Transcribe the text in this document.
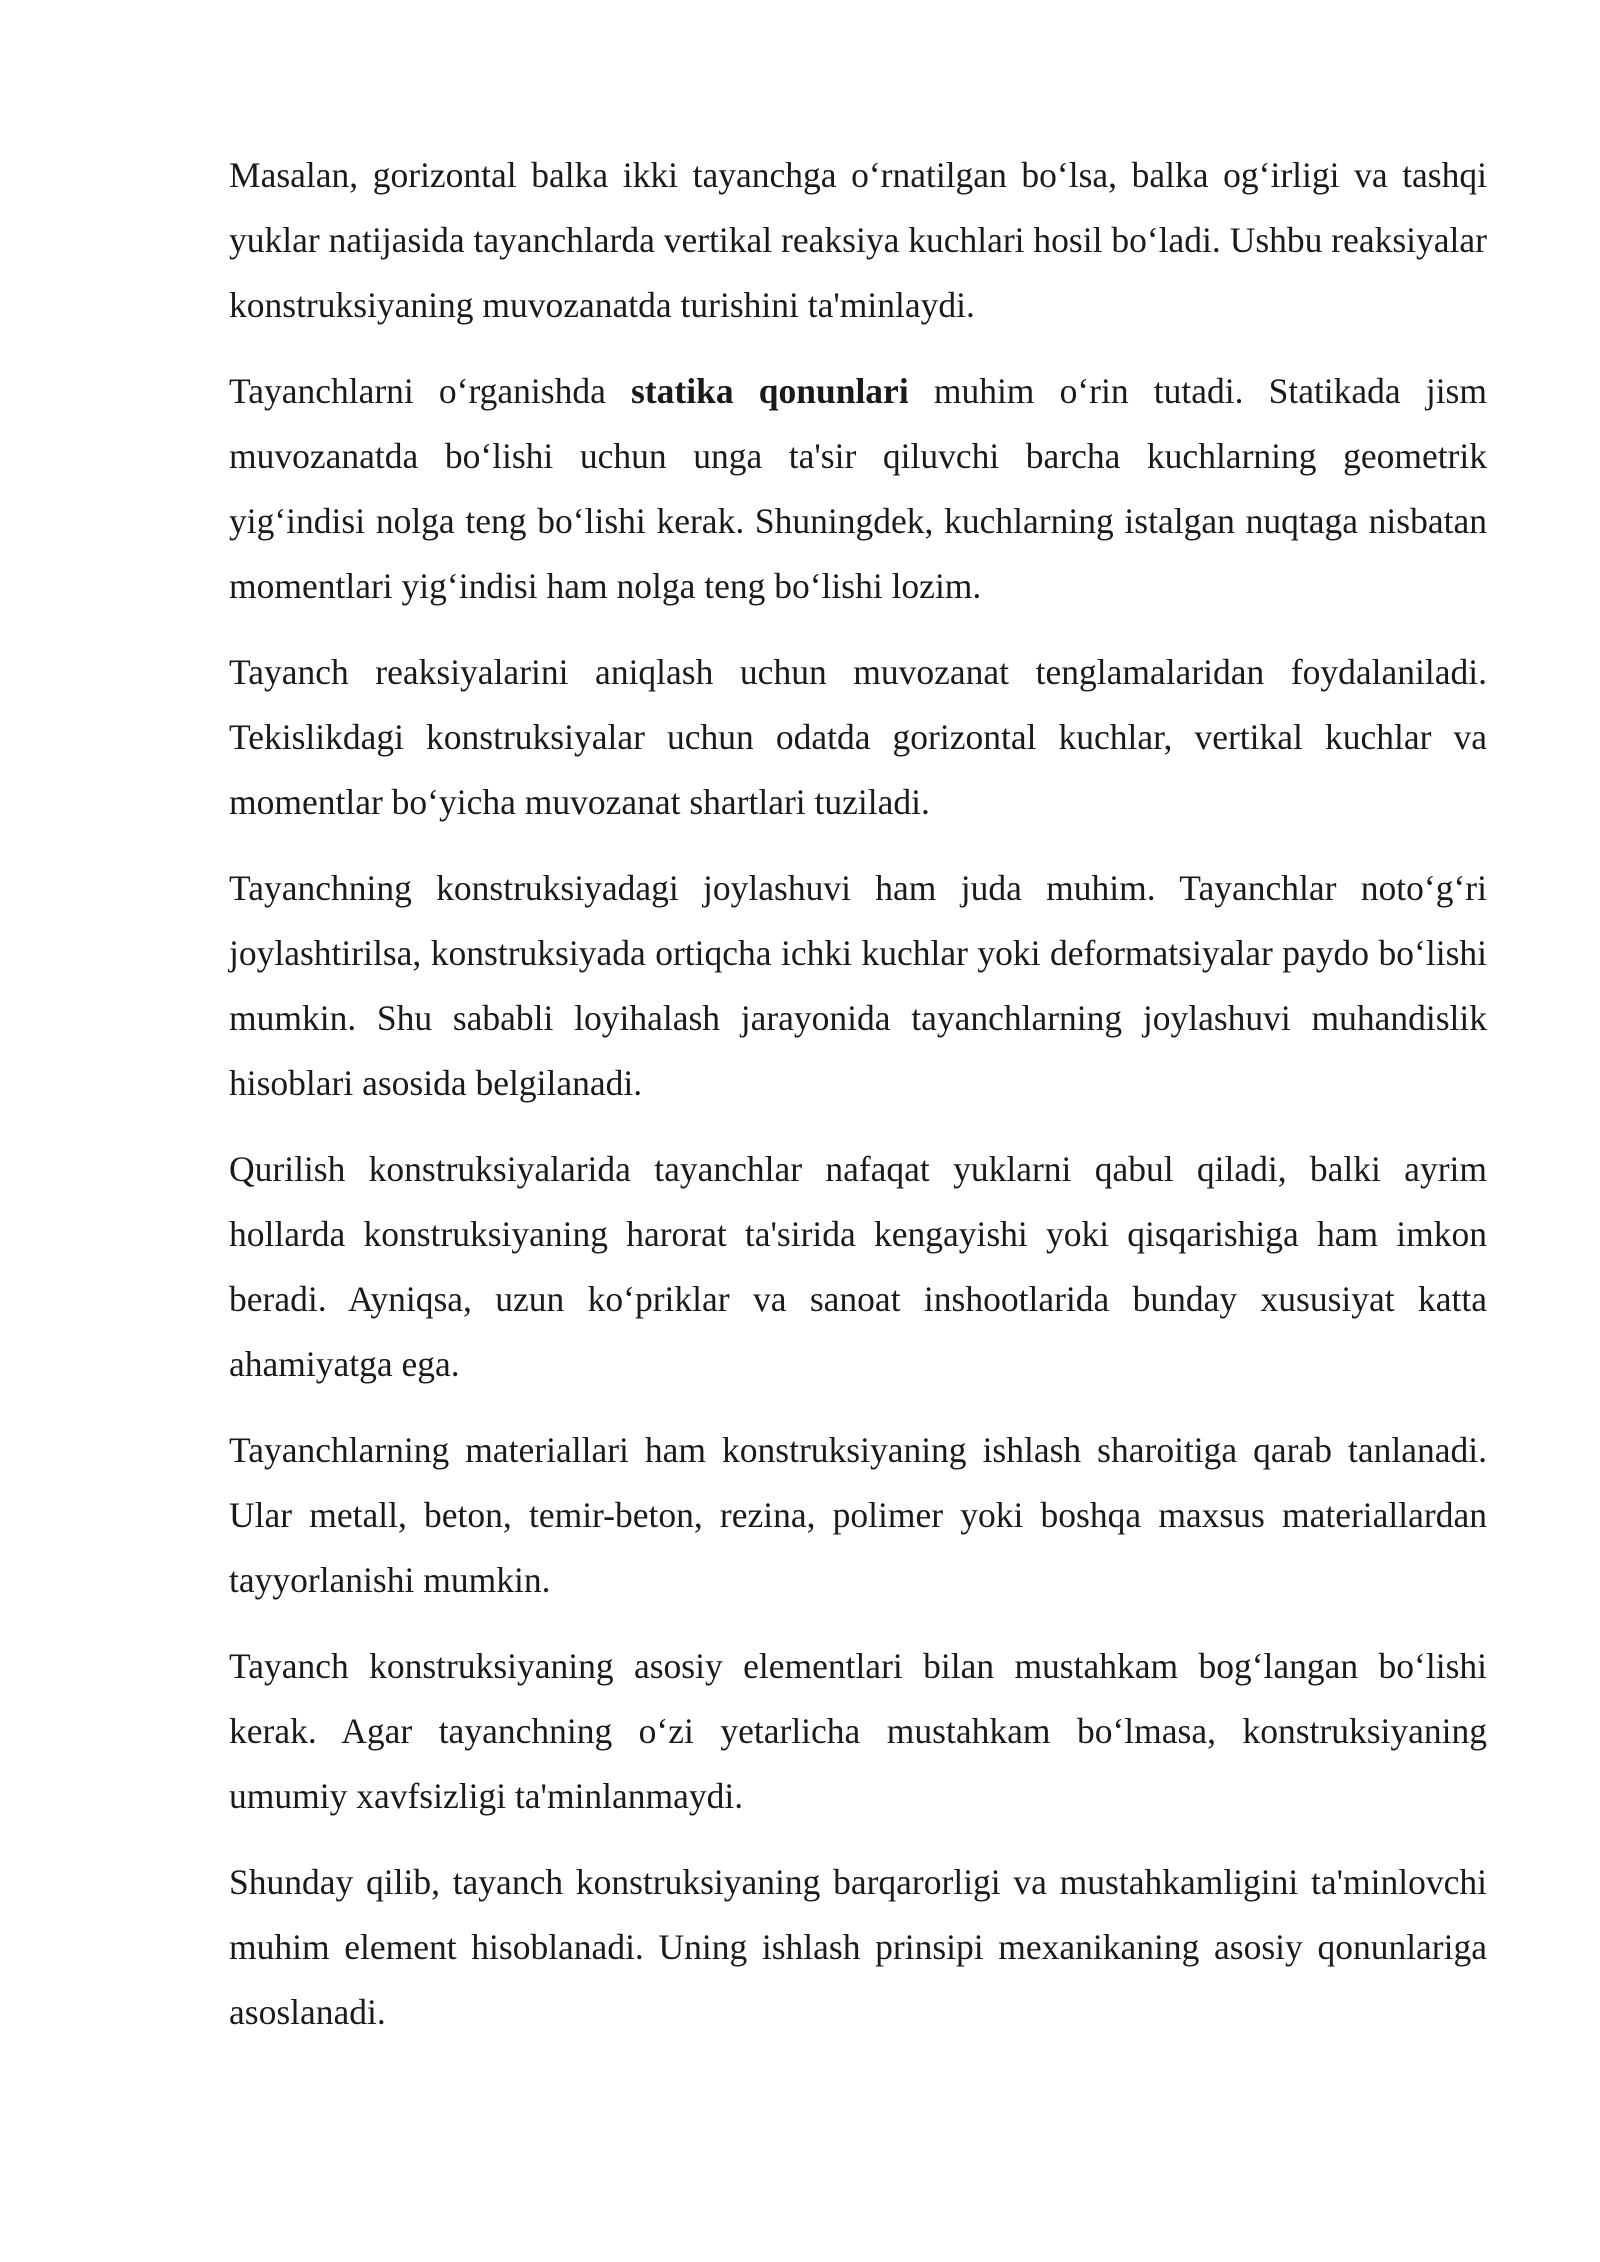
Masalan, gorizontal balka ikki tayanchga o‘rnatilgan bo‘lsa, balka og‘irligi va tashqi yuklar natijasida tayanchlarda vertikal reaksiya kuchlari hosil bo‘ladi. Ushbu reaksiyalar konstruksiyaning muvozanatda turishini ta'minlaydi.

Tayanchlarni o‘rganishda statika qonunlari muhim o‘rin tutadi. Statikada jism muvozanatda bo‘lishi uchun unga ta'sir qiluvchi barcha kuchlarning geometrik yig‘indisi nolga teng bo‘lishi kerak. Shuningdek, kuchlarning istalgan nuqtaga nisbatan momentlari yig‘indisi ham nolga teng bo‘lishi lozim.

Tayanch reaksiyalarini aniqlash uchun muvozanat tenglamalaridan foydalaniladi. Tekislikdagi konstruksiyalar uchun odatda gorizontal kuchlar, vertikal kuchlar va momentlar bo‘yicha muvozanat shartlari tuziladi.

Tayanchning konstruksiyadagi joylashuvi ham juda muhim. Tayanchlar noto‘g‘ri joylashtirilsa, konstruksiyada ortiqcha ichki kuchlar yoki deformatsiyalar paydo bo‘lishi mumkin. Shu sababli loyihalash jarayonida tayanchlarning joylashuvi muhandislik hisoblari asosida belgilanadi.

Qurilish konstruksiyalarida tayanchlar nafaqat yuklarni qabul qiladi, balki ayrim hollarda konstruksiyaning harorat ta'sirida kengayishi yoki qisqarishiga ham imkon beradi. Ayniqsa, uzun ko‘priklar va sanoat inshootlarida bunday xususiyat katta ahamiyatga ega.

Tayanchlarning materiallari ham konstruksiyaning ishlash sharoitiga qarab tanlanadi. Ular metall, beton, temir-beton, rezina, polimer yoki boshqa maxsus materiallardan tayyorlanishi mumkin.

Tayanch konstruksiyaning asosiy elementlari bilan mustahkam bog‘langan bo‘lishi kerak. Agar tayanchning o‘zi yetarlicha mustahkam bo‘lmasa, konstruksiyaning umumiy xavfsizligi ta'minlanmaydi.

Shunday qilib, tayanch konstruksiyaning barqarorligi va mustahkamligini ta'minlovchi muhim element hisoblanadi. Uning ishlash prinsipi mexanikaning asosiy qonunlariga asoslanadi.
